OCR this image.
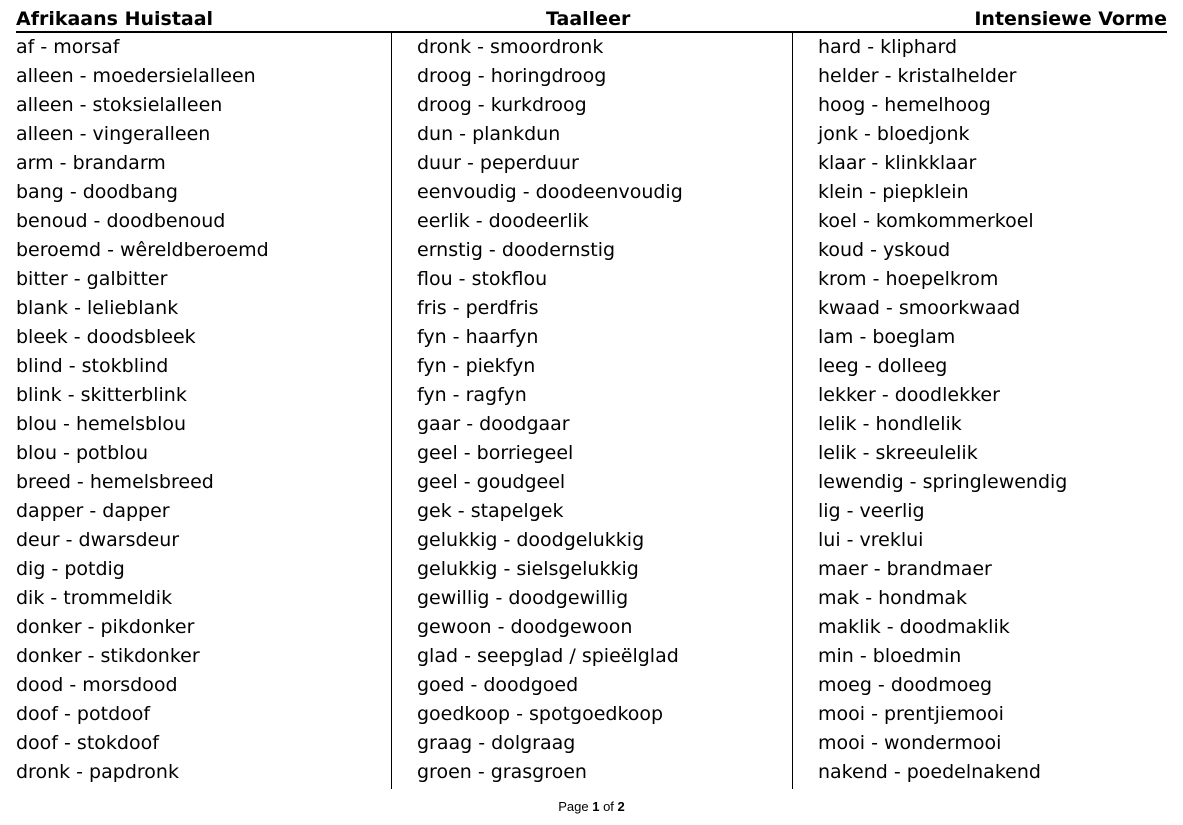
Afrikaans Huistaal	Taalleer	Intensiewe Vorme
af - morsaf
alleen - moedersielalleen
alleen - stoksielalleen
alleen - vingeralleen
arm - brandarm
bang - doodbang
benoud - doodbenoud
beroemd - wêreldberoemd
bitter - galbitter
blank - lelieblank
bleek - doodsbleek
blind - stokblind
blink - skitterblink
blou - hemelsblou
blou - potblou
breed - hemelsbreed
dapper - dapper
deur - dwarsdeur
dig - potdig
dik - trommeldik
donker - pikdonker
donker - stikdonker
dood - morsdood
doof - potdoof
doof - stokdoof
dronk - papdronk
dronk - smoordronk
droog - horingdroog
droog - kurkdroog
dun - plankdun
duur - peperduur
eenvoudig - doodeenvoudig
eerlik - doodeerlik
ernstig - doodernstig
flou - stokflou
fris - perdfris
fyn - haarfyn
fyn - piekfyn
fyn - ragfyn
gaar - doodgaar
geel - borriegeel
geel - goudgeel
gek - stapelgek
gelukkig - doodgelukkig
gelukkig - sielsgelukkig
gewillig - doodgewillig
gewoon - doodgewoon
glad - seepglad / spieëlglad
goed - doodgoed
goedkoop - spotgoedkoop
graag - dolgraag
groen - grasgroen
hard - kliphard
helder - kristalhelder
hoog - hemelhoog
jonk - bloedjonk
klaar - klinkklaar
klein - piepklein
koel - komkommerkoel
koud - yskoud
krom - hoepelkrom
kwaad - smoorkwaad
lam - boeglam
leeg - dolleeg
lekker - doodlekker
lelik - hondlelik
lelik - skreeulelik
lewendig - springlewendig
lig - veerlig
lui - vreklui
maer - brandmaer
mak - hondmak
maklik - doodmaklik
min - bloedmin
moeg - doodmoeg
mooi - prentjiemooi
mooi - wondermooi
nakend - poedelnakend
Page 1 of 2
